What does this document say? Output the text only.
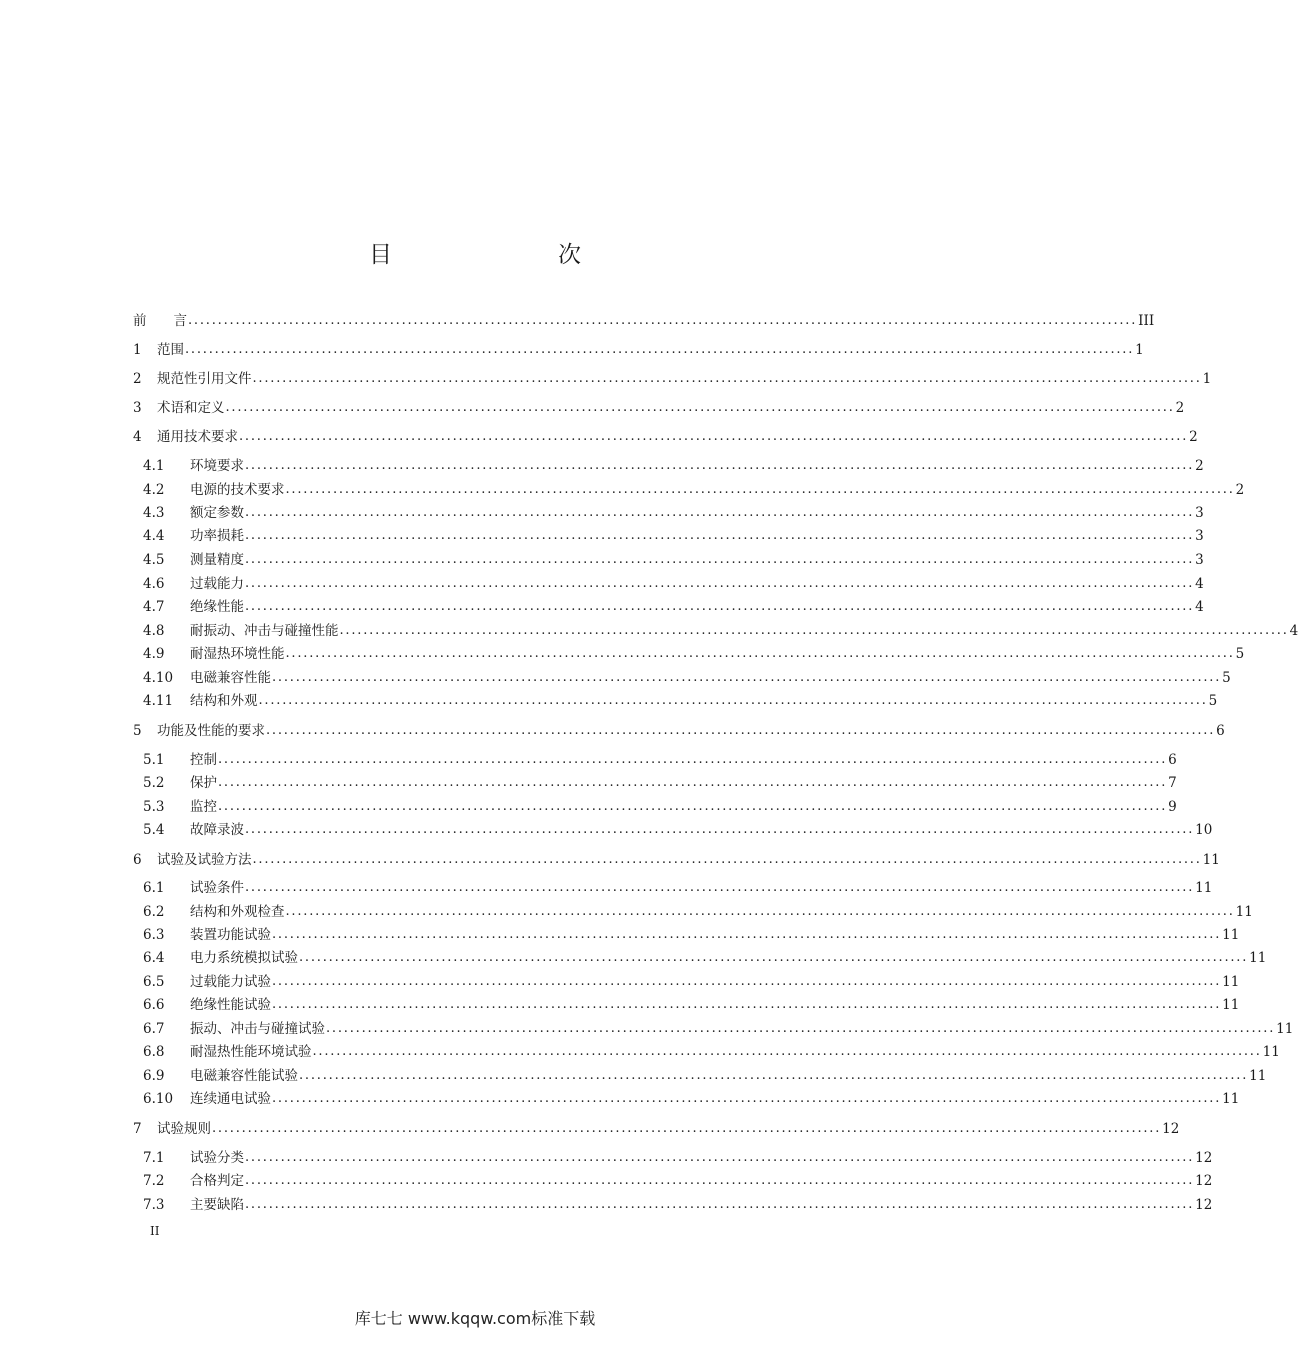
目　　次
前　　言 ................................................................................................................................................................ III
1	范围 ................................................................................................................................................................ 1
2	规范性引用文件 ................................................................................................................................................................ 1
3	术语和定义 ................................................................................................................................................................ 2
4	通用技术要求 ................................................................................................................................................................ 2
4.1	环境要求 ................................................................................................................................................................ 2
4.2	电源的技术要求 ................................................................................................................................................................ 2
4.3	额定参数 ................................................................................................................................................................ 3
4.4	功率损耗 ................................................................................................................................................................ 3
4.5	测量精度 ................................................................................................................................................................ 3
4.6	过载能力 ................................................................................................................................................................ 4
4.7	绝缘性能 ................................................................................................................................................................ 4
4.8	耐振动、冲击与碰撞性能 ................................................................................................................................................................ 4
4.9	耐湿热环境性能 ................................................................................................................................................................ 5
4.10	电磁兼容性能 ................................................................................................................................................................ 5
4.11	结构和外观 ................................................................................................................................................................ 5
5	功能及性能的要求 ................................................................................................................................................................ 6
5.1	控制 ................................................................................................................................................................ 6
5.2	保护 ................................................................................................................................................................ 7
5.3	监控 ................................................................................................................................................................ 9
5.4	故障录波 ................................................................................................................................................................ 10
6	试验及试验方法 ................................................................................................................................................................ 11
6.1	试验条件 ................................................................................................................................................................ 11
6.2	结构和外观检查 ................................................................................................................................................................ 11
6.3	装置功能试验 ................................................................................................................................................................ 11
6.4	电力系统模拟试验 ................................................................................................................................................................ 11
6.5	过载能力试验 ................................................................................................................................................................ 11
6.6	绝缘性能试验 ................................................................................................................................................................ 11
6.7	振动、冲击与碰撞试验 ................................................................................................................................................................ 11
6.8	耐湿热性能环境试验 ................................................................................................................................................................ 11
6.9	电磁兼容性能试验 ................................................................................................................................................................ 11
6.10	连续通电试验 ................................................................................................................................................................ 11
7	试验规则 ................................................................................................................................................................ 12
7.1	试验分类 ................................................................................................................................................................ 12
7.2	合格判定 ................................................................................................................................................................ 12
7.3	主要缺陷 ................................................................................................................................................................ 12
II
库七七 www.kqqw.com标准下载
